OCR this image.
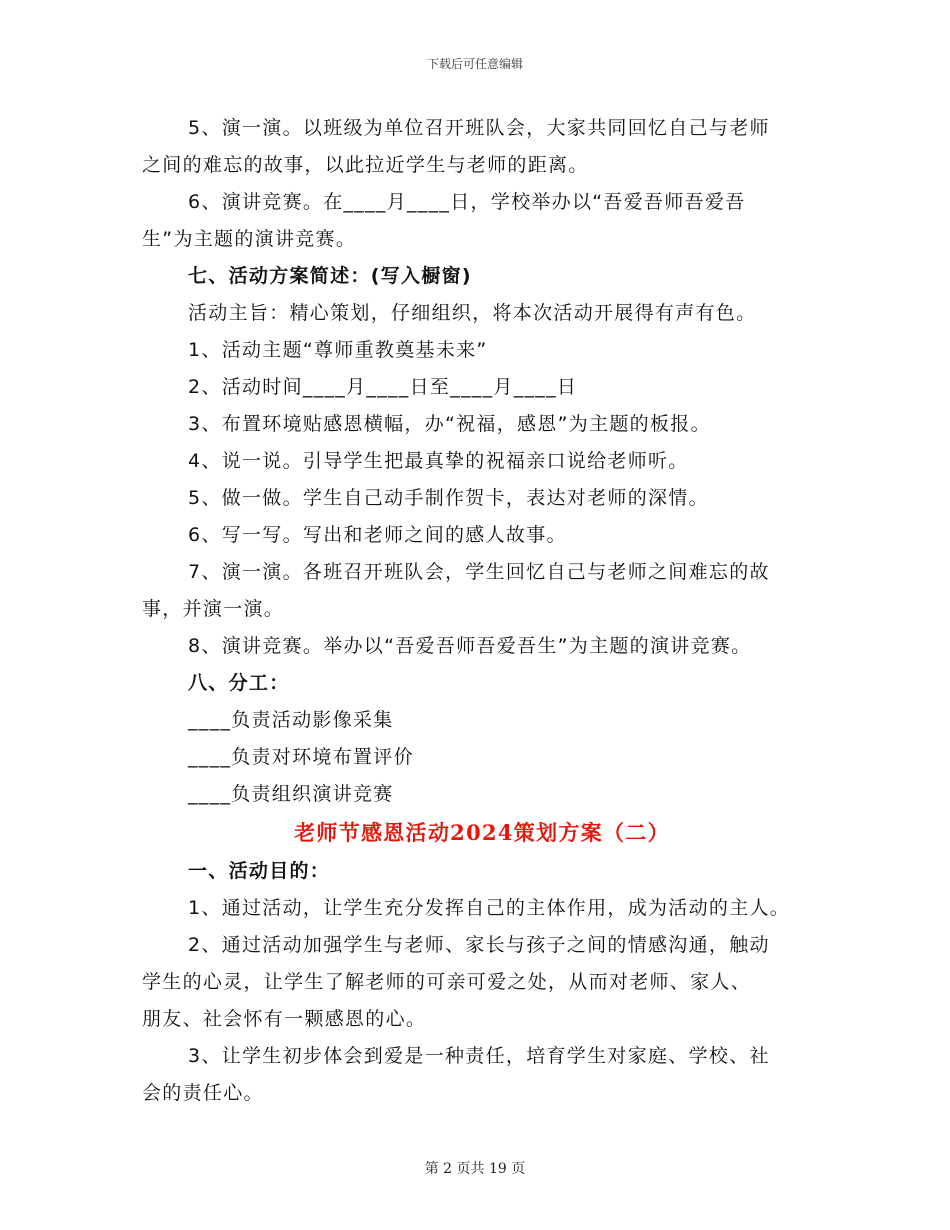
下载后可任意编辑
5、演一演。以班级为单位召开班队会，大家共同回忆自己与老师
之间的难忘的故事，以此拉近学生与老师的距离。
6、演讲竞赛。在____月____日，学校举办以“吾爱吾师吾爱吾
生”为主题的演讲竞赛。
七、活动方案简述：(写入橱窗)
活动主旨：精心策划，仔细组织，将本次活动开展得有声有色。
1、活动主题“尊师重教奠基未来”
2、活动时间____月____日至____月____日
3、布置环境贴感恩横幅，办“祝福，感恩”为主题的板报。
4、说一说。引导学生把最真挚的祝福亲口说给老师听。
5、做一做。学生自己动手制作贺卡，表达对老师的深情。
6、写一写。写出和老师之间的感人故事。
7、演一演。各班召开班队会，学生回忆自己与老师之间难忘的故
事，并演一演。
8、演讲竞赛。举办以“吾爱吾师吾爱吾生”为主题的演讲竞赛。
八、分工：
____负责活动影像采集
____负责对环境布置评价
____负责组织演讲竞赛
老师节感恩活动2024策划方案（二）
一、活动目的：
1、通过活动，让学生充分发挥自己的主体作用，成为活动的主人。
2、通过活动加强学生与老师、家长与孩子之间的情感沟通，触动
学生的心灵，让学生了解老师的可亲可爱之处，从而对老师、家人、
朋友、社会怀有一颗感恩的心。
3、让学生初步体会到爱是一种责任，培育学生对家庭、学校、社
会的责任心。
第 2 页共 19 页
